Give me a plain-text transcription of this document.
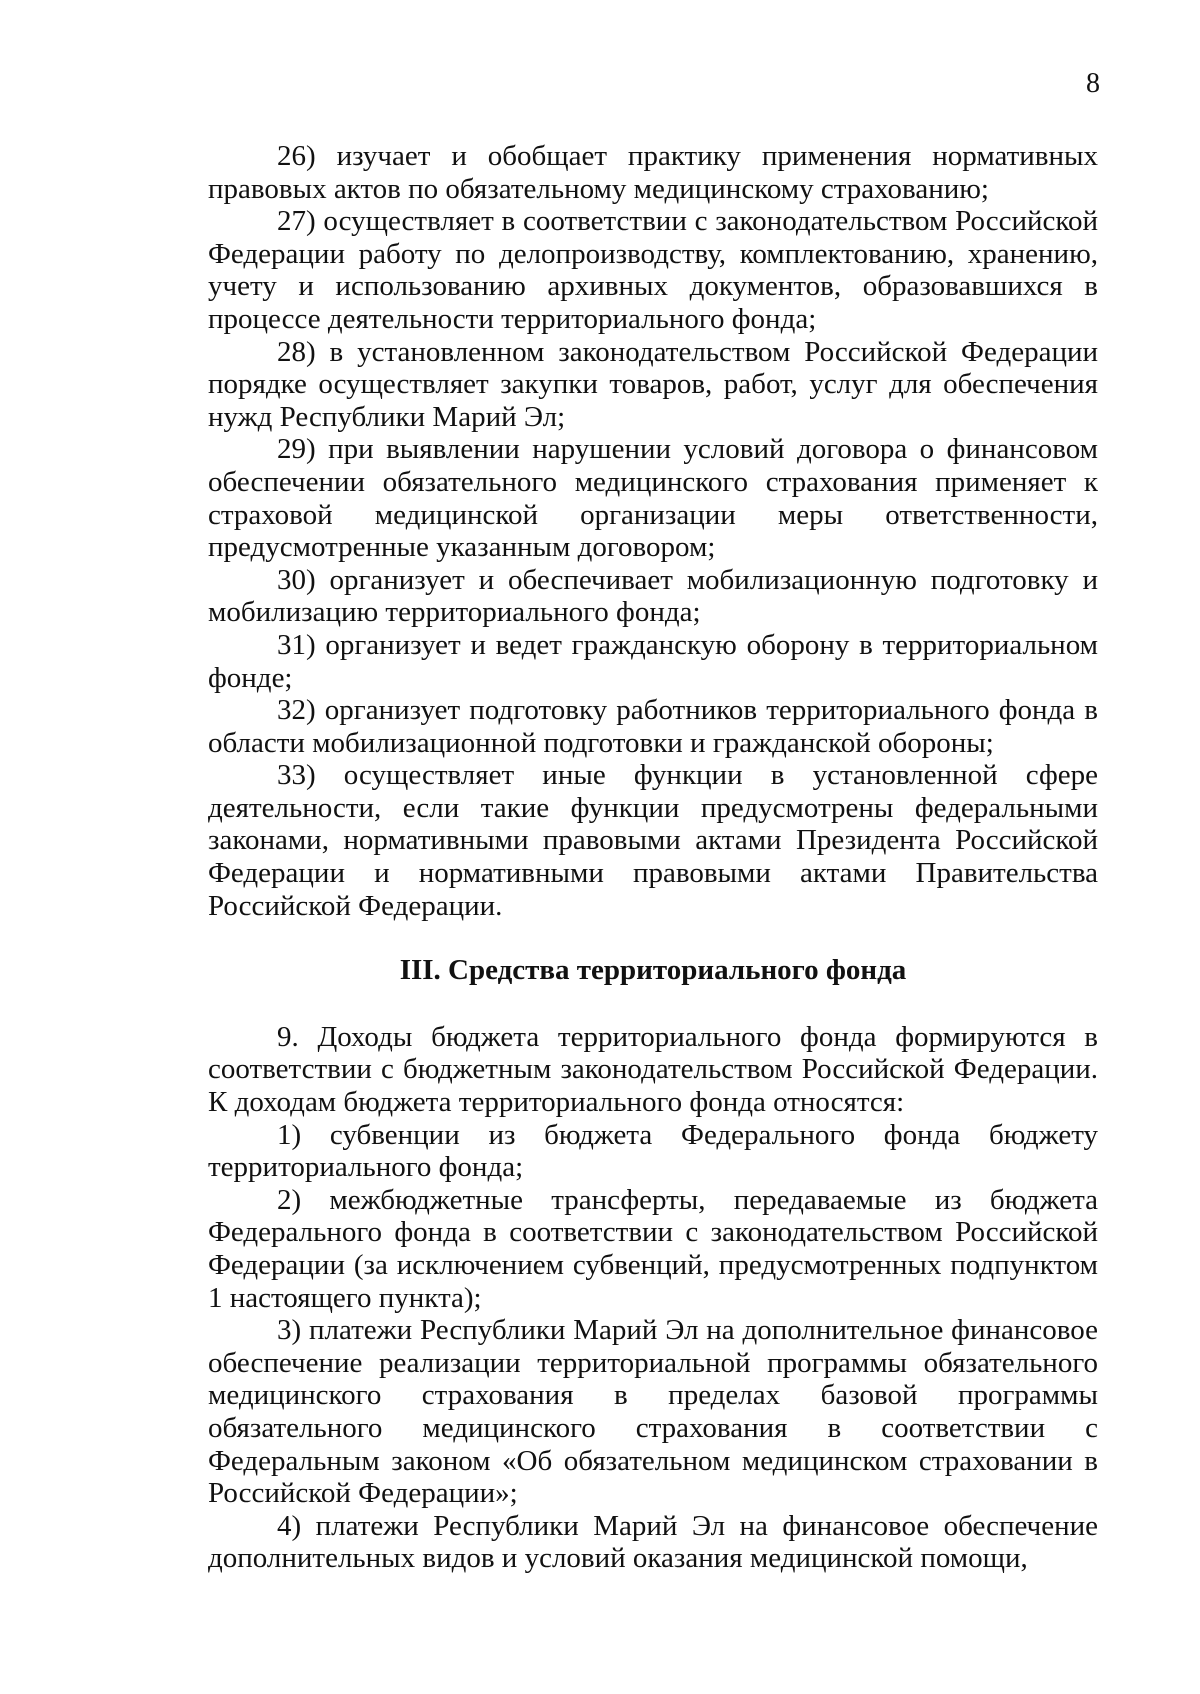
8

26) изучает и обобщает практику применения нормативных правовых актов по обязательному медицинскому страхованию;

27) осуществляет в соответствии с законодательством Российской Федерации работу по делопроизводству, комплектованию, хранению, учету и использованию архивных документов, образовавшихся в процессе деятельности территориального фонда;

28) в установленном законодательством Российской Федерации порядке осуществляет закупки товаров, работ, услуг для обеспечения нужд Республики Марий Эл;

29) при выявлении нарушении условий договора о финансовом обеспечении обязательного медицинского страхования применяет к страховой медицинской организации меры ответственности, предусмотренные указанным договором;

30) организует и обеспечивает мобилизационную подготовку и мобилизацию территориального фонда;

31) организует и ведет гражданскую оборону в территориальном фонде;

32) организует подготовку работников территориального фонда в области мобилизационной подготовки и гражданской обороны;

33) осуществляет иные функции в установленной сфере деятельности, если такие функции предусмотрены федеральными законами, нормативными правовыми актами Президента Российской Федерации и нормативными правовыми актами Правительства Российской Федерации.

III. Средства территориального фонда

9. Доходы бюджета территориального фонда формируются в соответствии с бюджетным законодательством Российской Федерации. К доходам бюджета территориального фонда относятся:

1) субвенции из бюджета Федерального фонда бюджету территориального фонда;

2) межбюджетные трансферты, передаваемые из бюджета Федерального фонда в соответствии с законодательством Российской Федерации (за исключением субвенций, предусмотренных подпунктом 1 настоящего пункта);

3) платежи Республики Марий Эл на дополнительное финансовое обеспечение реализации территориальной программы обязательного медицинского страхования в пределах базовой программы обязательного медицинского страхования в соответствии с Федеральным законом «Об обязательном медицинском страховании в Российской Федерации»;

4) платежи Республики Марий Эл на финансовое обеспечение дополнительных видов и условий оказания медицинской помощи,
